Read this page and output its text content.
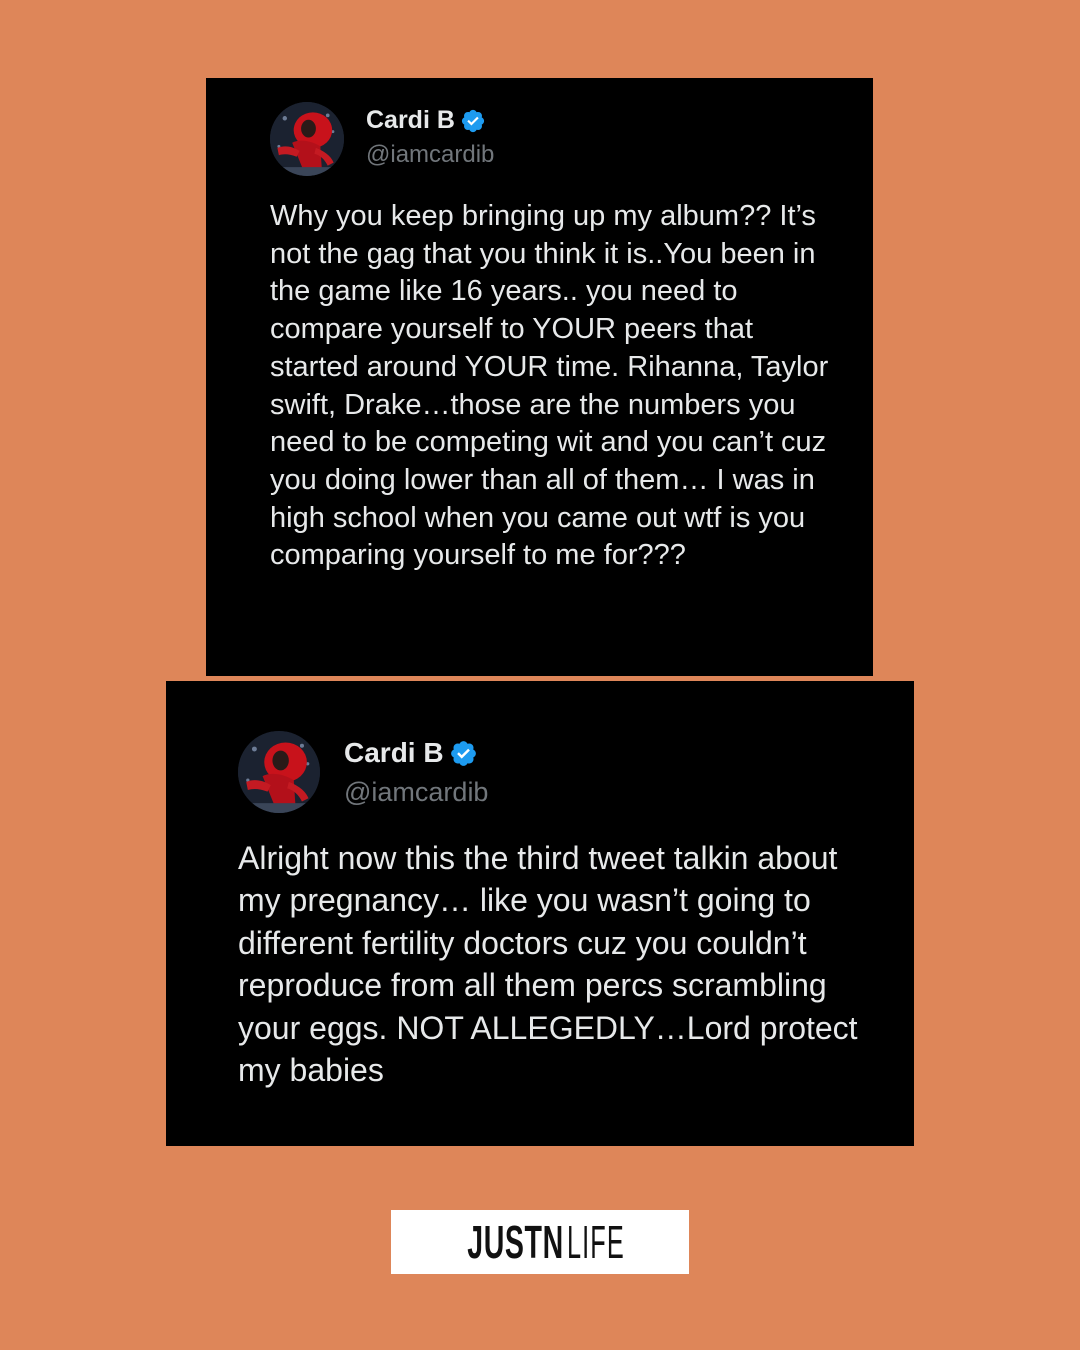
Cardi B
@iamcardib
Why you keep bringing up my album?? It’s not the gag that you think it is..You been in the game like 16 years.. you need to compare yourself to YOUR peers that started around YOUR time. Rihanna, Taylor swift, Drake…those are the numbers you need to be competing wit and you can’t cuz you doing lower than all of them… I was in high school when you came out wtf is you comparing yourself to me for???
Cardi B
@iamcardib
Alright now this the third tweet talkin about my pregnancy… like you wasn’t going to different fertility doctors cuz you couldn’t reproduce from all them percs scrambling your eggs. NOT ALLEGEDLY…Lord protect my babies
JUSTN LIFE
